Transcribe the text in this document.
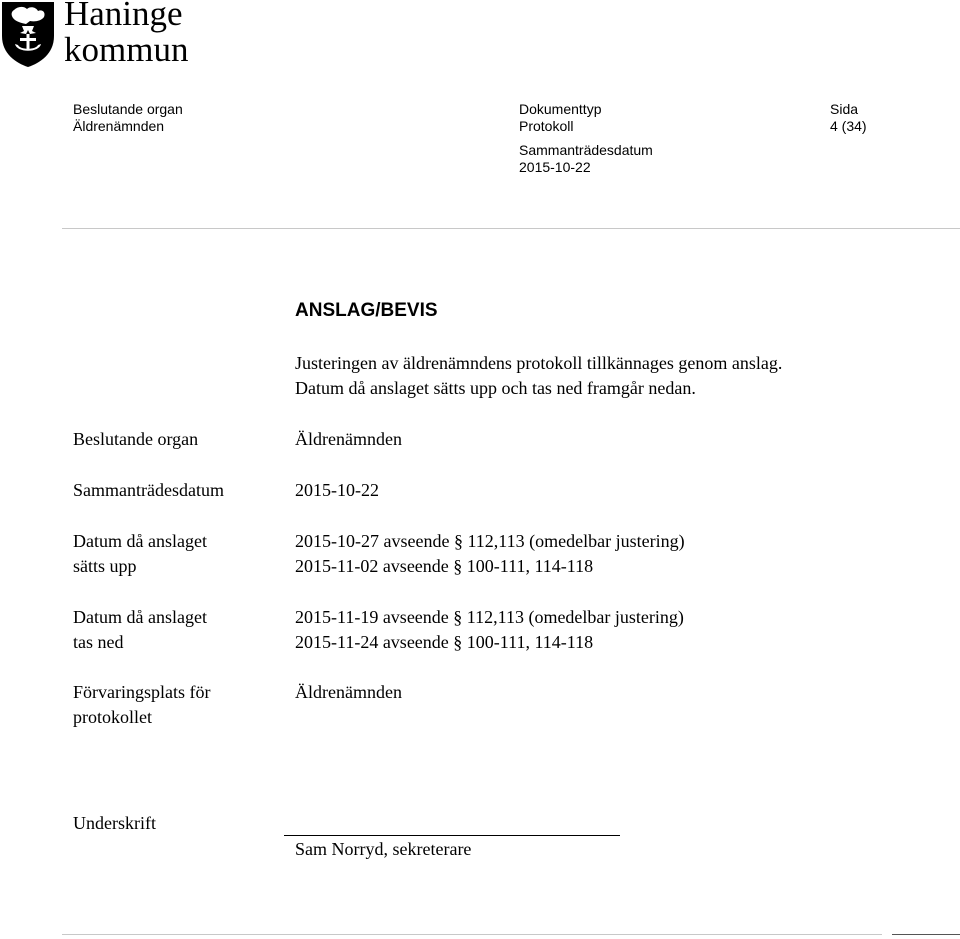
Haninge
kommun
Beslutande organ
Äldrenämnden
Dokumenttyp
Protokoll
Sammanträdesdatum
2015-10-22
Sida
4 (34)
ANSLAG/BEVIS
Justeringen av äldrenämndens protokoll tillkännages genom anslag.
Datum då anslaget sätts upp och tas ned framgår nedan.
Beslutande organ	Äldrenämnden
Sammanträdesdatum	2015-10-22
Datum då anslaget
sätts upp
2015-10-27 avseende § 112,113 (omedelbar justering)
2015-11-02 avseende § 100-111, 114-118
Datum då anslaget
tas ned
2015-11-19 avseende § 112,113 (omedelbar justering)
2015-11-24 avseende § 100-111, 114-118
Förvaringsplats för
protokollet
Äldrenämnden
Underskrift
Sam Norryd, sekreterare
